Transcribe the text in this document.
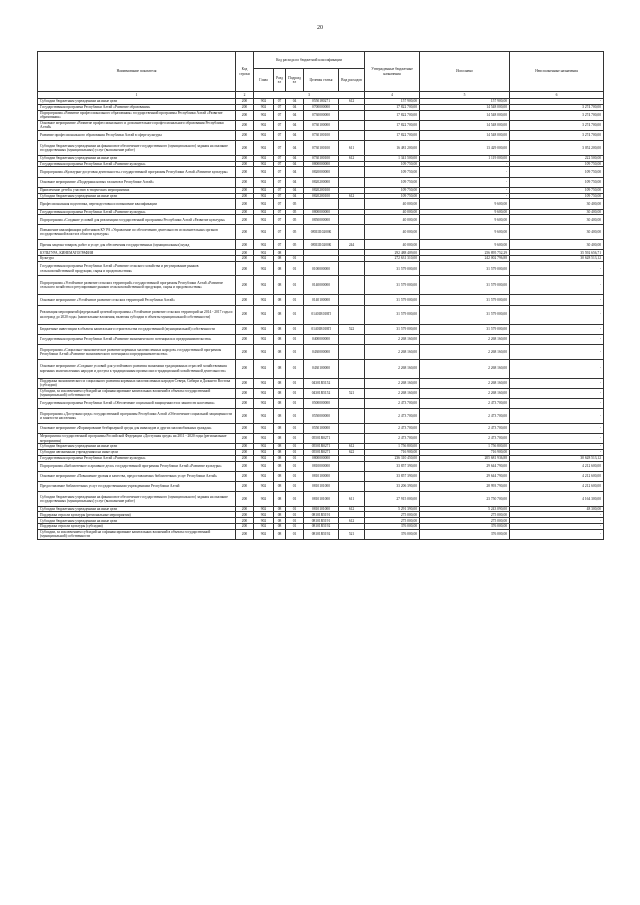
20
Наименование показателя	Код строки	Код расхода по бюджетной классификации					Утвержденные бюджетные назначения	Исполнено	Неисполненные назначения
		Глава	Разд ел	Подразд ел	Целевая статья	Вид расходов			
1	2	3					4	5	6
Субсидии бюджетным учреждениям на иные цели	200	902	07	04	0550180271	612	157 900,00	157 900,00	-
Государственная программа Республики Алтай «Развитие образования»	200	902	07	04	0700000000		17 822 700,00	14 548 000,00	3 274 700,00
Подпрограмма «Развитие профессионального образования» государственной программы Республики Алтай «Развитие образования»	200	902	07	04	0730000000		17 822 700,00	14 548 000,00	3 274 700,00
Основное мероприятие «Развитие профессионального и дополнительного профессионального образования Республики Алтай»	200	902	07	04	0730100000		17 822 700,00	14 548 000,00	3 274 700,00
Развитие профессионального образования Республики Алтай в сфере культуры	200	902	07	04	0730100100		17 822 700,00	14 548 000,00	3 274 700,00
Субсидии бюджетным учреждениям на финансовое обеспечение государственного (муниципального) задания на оказание государственных (муниципальных) услуг (выполнение работ)	200	902	07	04	0730100100	611	16 481 200,00	13 429 000,00	3 052 200,00
Субсидии бюджетным учреждениям на иные цели	200	902	07	04	0730100100	612	1 341 500,00	1 119 000,00	222 500,00
Государственная программа Республики Алтай «Развитие культуры»	200	902	07	04	0800000000		109 750,00	-	109 750,00
Подпрограмма «Культурно-досуговая деятельность» государственной программы Республики Алтай «Развитие культуры»	200	902	07	04	0820000000		109 750,00	-	109 750,00
Основное мероприятие «Поддержка новых талантов в Республике Алтай»	200	902	07	04	0820200000		109 750,00	-	109 750,00
Привлечение детей к участию в творческих мероприятиях	200	902	07	04	0820200100		109 750,00	-	109 750,00
Субсидии бюджетным учреждениям на иные цели	200	902	07	04	0820200100	612	109 750,00	-	109 750,00
Профессиональная подготовка, переподготовка и повышение квалификации	200	902	07	05			40 000,00	9 600,00	30 400,00
Государственная программа Республики Алтай «Развитие культуры»	200	902	07	05	0800000000		40 000,00	9 600,00	30 400,00
Подпрограмма «Создание условий для реализации государственной программы Республики Алтай «Развитие культуры»	200	902	07	05	0850000000		40 000,00	9 600,00	30 400,00
Повышение квалификации работников КУ РА «Управление по обеспечению деятельности исполнительных органов государственной власти в области культуры»	200	902	07	05	085Ш10200К		40 000,00	9 600,00	30 400,00
Прочая закупка товаров, работ и услуг для обеспечения государственных (муниципальных) нужд	200	902	07	05	085Ш10200К	244	40 000,00	9 600,00	30 400,00
КУЛЬТУРА, КИНЕМАТОГРАФИЯ	200	902	08				292 488 409,00	256 895 752,29	35 592 656,71
Культура	200	902	08	01			272 631 310,00	242 002 796,88	30 628 513,12
Государственная программа Республики Алтай «Развитие сельского хозяйства и регулирование рынков сельскохозяйственной продукции, сырья и продовольствия»	200	902	08	01	0100000000		31 579 000,00	31 579 000,00	-
Подпрограмма «Устойчивое развитие сельских территорий» государственной программы Республики Алтай «Развитие сельского хозяйства и регулирование рынков сельскохозяйственной продукции, сырья и продовольствия»	200	902	08	01	0140000000		31 579 000,00	31 579 000,00	-
Основное мероприятие «Устойчивое развитие сельских территорий Республики Алтай»	200	902	08	01	0140100000		31 579 000,00	31 579 000,00	-
Реализация мероприятий федеральной целевой программы «Устойчивое развитие сельских территорий на 2014 - 2017 годы и на период до 2020 года» (капитальные вложения, включая субсидии в объекты муниципальной собственности)	200	902	08	01	01401R018П		31 579 000,00	31 579 000,00	-
Бюджетные инвестиции в объекты капитального строительства государственной (муниципальной) собственности	200	902	08	01	01401R018П	522	31 579 000,00	31 579 000,00	-
Государственная программа Республики Алтай «Развитие экономического потенциала и предпринимательства»	200	902	08	01	0400000000		2 268 160,00	2 268 160,00	-
Подпрограмма «Социально-экономическое развитие коренных малочисленных народов» государственной программы Республики Алтай «Развитие экономического потенциала и предпринимательства»	200	902	08	01	0430000000		2 268 160,00	2 268 160,00	-
Основное мероприятие «Создание условий для устойчивого развития экономики традиционных отраслей хозяйствования коренных малочисленных народов и доступа к традиционным промыслам и традиционной хозяйственной деятельности»	200	902	08	01	0430100000		2 268 160,00	2 268 160,00	-
Поддержка экономического и социального развития коренных малочисленных народов Севера, Сибири и Дальнего Востока (субсидии)	200	902	08	01	04301R5152		2 268 160,00	2 268 160,00	-
Субсидии, за исключением субсидий на софинансирование капитальных вложений в объекты государственной (муниципальной) собственности	200	902	08	01	04301R5152	521	2 268 160,00	2 268 160,00	-
Государственная программа Республики Алтай «Обеспечение социальной защищенности и занятости населения»	200	902	08	01	0500000000		2 473 700,00	2 473 700,00	-
Подпрограмма «Доступная среда» государственной программы Республики Алтай «Обеспечение социальной защищенности и занятости населения»	200	902	08	01	0550000000		2 473 700,00	2 473 700,00	-
Основное мероприятие «Формирование безбарьерной среды для инвалидов и других маломобильных граждан»	200	902	08	01	0550100000		2 473 700,00	2 473 700,00	-
Мероприятия государственной программы Российской Федерации «Доступная среда» на 2011 - 2020 годы (региональные мероприятия)	200	902	08	01	05501R0271		2 473 700,00	2 473 700,00	-
Субсидии бюджетным учреждениям на иные цели	200	902	08	01	05501R0271	612	1 756 800,00	1 756 800,00	-
Субсидии автономным учреждениям на иные цели	200	902	08	01	05501R0271	622	716 900,00	716 900,00	-
Государственная программа Республики Алтай «Развитие культуры»	200	902	08	01	0800000000		236 310 450,00	205 681 936,88	30 628 513,12
Подпрограмма «Библиотечное и архивное дело» государственной программы Республики Алтай «Развитие культуры»	200	902	08	01	0810000000		33 857 390,00	29 644 790,00	4 212 600,00
Основное мероприятие «Повышение уровня и качества, предоставляемых библиотечных услуг Республики Алтай»	200	902	08	01	0810100000		33 857 390,00	29 644 790,00	4 212 600,00
Предоставление библиотечных услуг государственными учреждениями Республики Алтай	200	902	08	01	0810101000		33 206 390,00	28 993 790,00	4 212 600,00
Субсидии бюджетным учреждениям на финансовое обеспечение государственного (муниципального) задания на оказание государственных (муниципальных) услуг (выполнение работ)	200	902	08	01	0810101000	611	27 915 000,00	23 750 700,00	4 164 300,00
Субсидии бюджетным учреждениям на иные цели	200	902	08	01	0810101000	612	5 291 390,00	5 243 090,00	48 300,00
Поддержка отрасли культуры (региональные мероприятия)	200	902	08	01	08101R5191		275 000,00	275 000,00	-
Субсидии бюджетным учреждениям на иные цели	200	902	08	01	08101R5191	612	275 000,00	275 000,00	-
Поддержка отрасли культуры (субсидии)	200	902	08	01	08101R5192		376 000,00	376 000,00	-
Субсидии, за исключением субсидий на софинансирование капитальных вложений в объекты государственной (муниципальной) собственности	200	902	08	01	08101R5192	521	376 000,00	376 000,00	-
